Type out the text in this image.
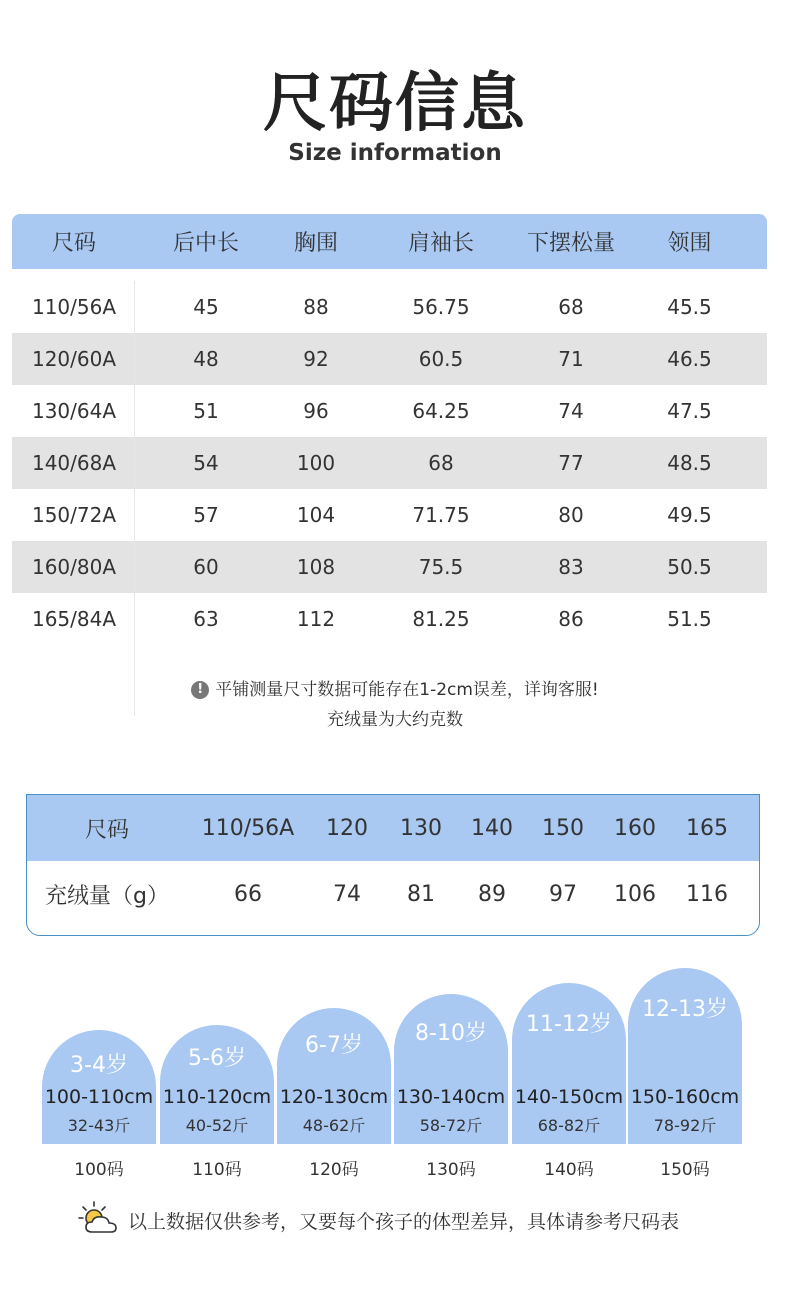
尺码信息
Size information
尺码	后中长	胸围	肩袖长	下摆松量	领围
110/56A	45	88	56.75	68	45.5
120/60A	48	92	60.5	71	46.5
130/64A	51	96	64.25	74	47.5
140/68A	54	100	68	77	48.5
150/72A	57	104	71.75	80	49.5
160/80A	60	108	75.5	83	50.5
165/84A	63	112	81.25	86	51.5
! 平铺测量尺寸数据可能存在1-2cm误差，详询客服!
充绒量为大约克数
尺码	110/56A	120	130	140	150	160	165
充绒量（g）	66	74	81	89	97	106	116
3-4岁
100-110cm
32-43斤
5-6岁
110-120cm
40-52斤
6-7岁
120-130cm
48-62斤
8-10岁
130-140cm
58-72斤
11-12岁
140-150cm
68-82斤
12-13岁
150-160cm
78-92斤
100码	110码	120码	130码	140码	150码
以上数据仅供参考，又要每个孩子的体型差异，具体请参考尺码表
